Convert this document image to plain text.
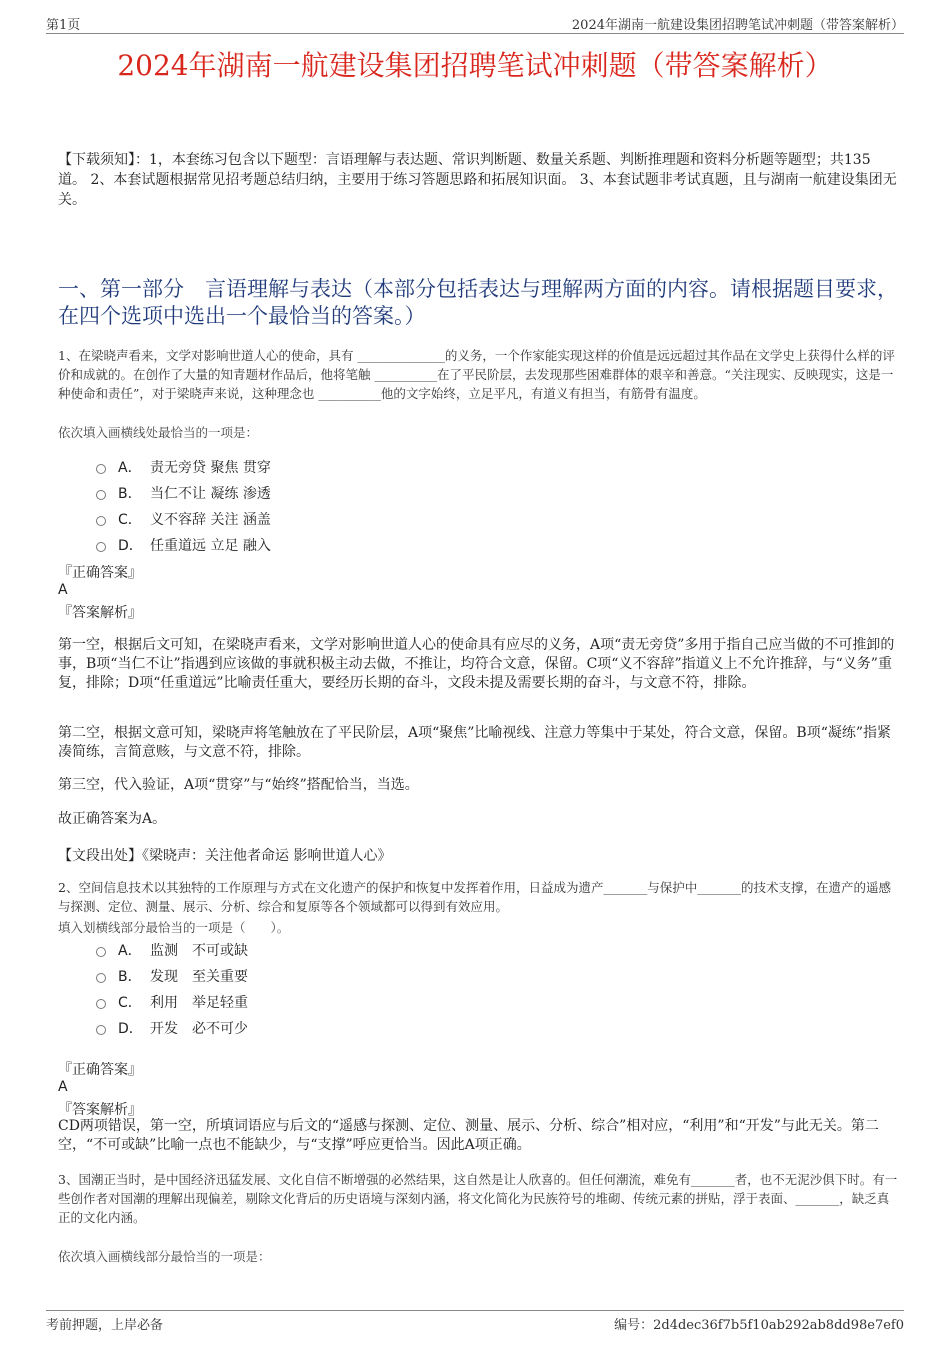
第1页	2024年湖南一航建设集团招聘笔试冲刺题（带答案解析）
2024年湖南一航建设集团招聘笔试冲刺题（带答案解析）
【下载须知】：1，本套练习包含以下题型：言语理解与表达题、常识判断题、数量关系题、判断推理题和资料分析题等题型；共135道。 2、本套试题根据常见招考题总结归纳，主要用于练习答题思路和拓展知识面。 3、本套试题非考试真题，且与湖南一航建设集团无关。
一、第一部分　言语理解与表达（本部分包括表达与理解两方面的内容。请根据题目要求，在四个选项中选出一个最恰当的答案。）
1、在梁晓声看来，文学对影响世道人心的使命，具有 ______________的义务，一个作家能实现这样的价值是远远超过其作品在文学史上获得什么样的评价和成就的。在创作了大量的知青题材作品后，他将笔触 __________在了平民阶层，去发现那些困难群体的艰辛和善意。“关注现实、反映现实，这是一种使命和责任”，对于梁晓声来说，这种理念也 __________他的文字始终，立足平凡，有道义有担当，有筋骨有温度。
依次填入画横线处最恰当的一项是：
A． 责无旁贷 聚焦 贯穿
B． 当仁不让 凝练 渗透
C． 义不容辞 关注 涵盖
D． 任重道远 立足 融入
『正确答案』
A
『答案解析』
第一空，根据后文可知，在梁晓声看来，文学对影响世道人心的使命具有应尽的义务，A项“责无旁贷”多用于指自己应当做的不可推卸的事，B项“当仁不让”指遇到应该做的事就积极主动去做，不推让，均符合文意，保留。C项“义不容辞”指道义上不允许推辞，与“义务”重复，排除；D项“任重道远”比喻责任重大，要经历长期的奋斗，文段未提及需要长期的奋斗，与文意不符，排除。
第二空，根据文意可知，梁晓声将笔触放在了平民阶层，A项“聚焦”比喻视线、注意力等集中于某处，符合文意，保留。B项“凝练”指紧凑简练，言简意赅，与文意不符，排除。
第三空，代入验证，A项“贯穿”与“始终”搭配恰当，当选。
故正确答案为A。
【文段出处】《梁晓声：关注他者命运 影响世道人心》
2、空间信息技术以其独特的工作原理与方式在文化遗产的保护和恢复中发挥着作用，日益成为遗产_______与保护中_______的技术支撑，在遗产的遥感与探测、定位、测量、展示、分析、综合和复原等各个领域都可以得到有效应用。
填入划横线部分最恰当的一项是（　　）。
A． 监测　不可或缺
B． 发现　至关重要
C． 利用　举足轻重
D． 开发　必不可少
『正确答案』
A
『答案解析』
CD两项错误，第一空，所填词语应与后文的“遥感与探测、定位、测量、展示、分析、综合”相对应，“利用”和“开发”与此无关。第二空，“不可或缺”比喻一点也不能缺少，与“支撑”呼应更恰当。因此A项正确。
3、国潮正当时，是中国经济迅猛发展、文化自信不断增强的必然结果，这自然是让人欣喜的。但任何潮流，难免有_______者，也不无泥沙俱下时。有一些创作者对国潮的理解出现偏差，剔除文化背后的历史语境与深刻内涵，将文化简化为民族符号的堆砌、传统元素的拼贴，浮于表面、_______，缺乏真正的文化内涵。
依次填入画横线部分最恰当的一项是：
考前押题，上岸必备	编号：2d4dec36f7b5f10ab292ab8dd98e7ef0
